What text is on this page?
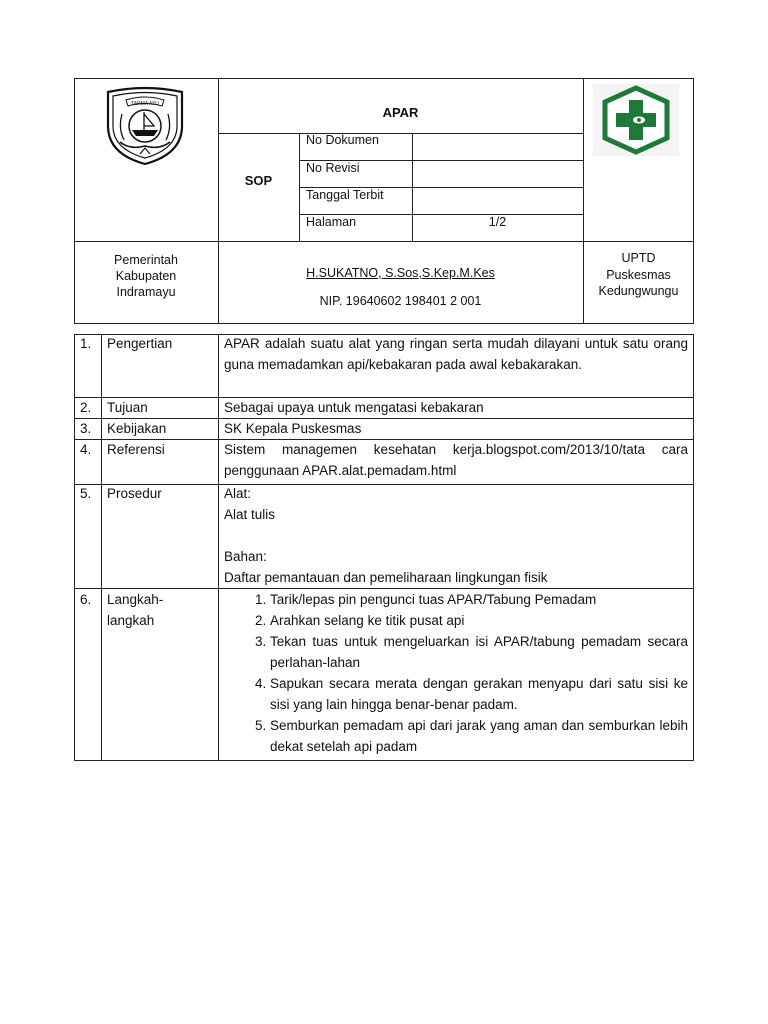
TARMA AYU
APAR
SOP
No Dokumen
No Revisi
Tanggal Terbit
Halaman	1/2
Pemerintah
Kabupaten
Indramayu
H.SUKATNO, S.Sos,S.Kep.M.Kes
NIP. 19640602 198401 2 001
UPTD
Puskesmas
Kedungwungu
1. Pengertian	APAR adalah suatu alat yang ringan serta mudah dilayani untuk satu orang guna memadamkan api/kebakaran pada awal kebakarakan.
2. Tujuan	Sebagai upaya untuk mengatasi kebakaran
3. Kebijakan	SK Kepala Puskesmas
4. Referensi	Sistem managemen kesehatan kerja.blogspot.com/2013/10/tata cara penggunaan APAR.alat.pemadam.html
5. Prosedur	Alat:
Alat tulis
Bahan:
Daftar pemantauan dan pemeliharaan lingkungan fisik
6. Langkah-
langkah
1. Tarik/lepas pin pengunci tuas APAR/Tabung Pemadam
2. Arahkan selang ke titik pusat api
3. Tekan tuas untuk mengeluarkan isi APAR/tabung pemadam secara perlahan-lahan
4. Sapukan secara merata dengan gerakan menyapu dari satu sisi ke sisi yang lain hingga benar-benar padam.
5. Semburkan pemadam api dari jarak yang aman dan semburkan lebih dekat setelah api padam
